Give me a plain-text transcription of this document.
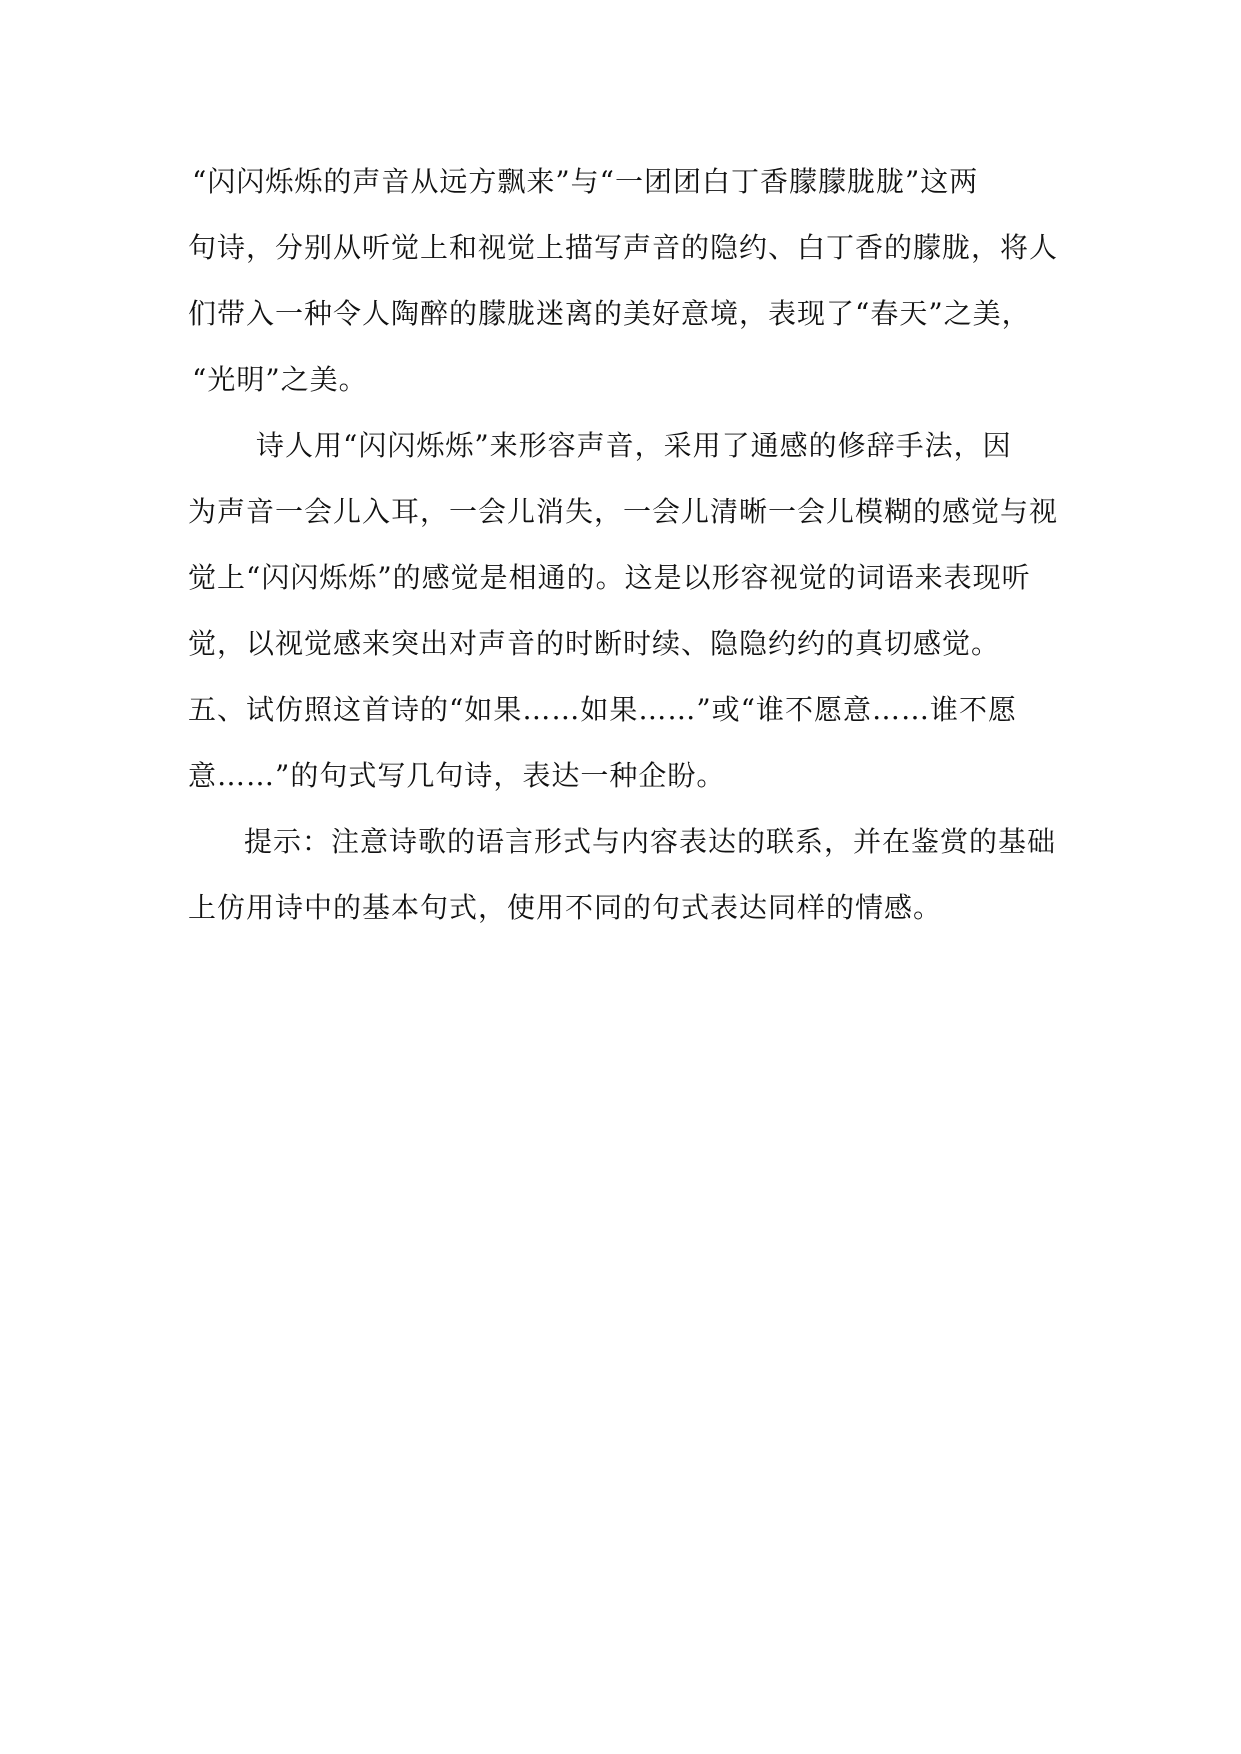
“闪闪烁烁的声音从远方飘来”与“一团团白丁香朦朦胧胧”这两
句诗，分别从听觉上和视觉上描写声音的隐约、白丁香的朦胧，将人
们带入一种令人陶醉的朦胧迷离的美好意境，表现了“春天”之美，
“光明”之美。
诗人用“闪闪烁烁”来形容声音，采用了通感的修辞手法，因
为声音一会儿入耳，一会儿消失，一会儿清晰一会儿模糊的感觉与视
觉上“闪闪烁烁”的感觉是相通的。这是以形容视觉的词语来表现听
觉，以视觉感来突出对声音的时断时续、隐隐约约的真切感觉。
五、试仿照这首诗的“如果……如果……”或“谁不愿意……谁不愿
意……”的句式写几句诗，表达一种企盼。
提示：注意诗歌的语言形式与内容表达的联系，并在鉴赏的基础
上仿用诗中的基本句式，使用不同的句式表达同样的情感。
